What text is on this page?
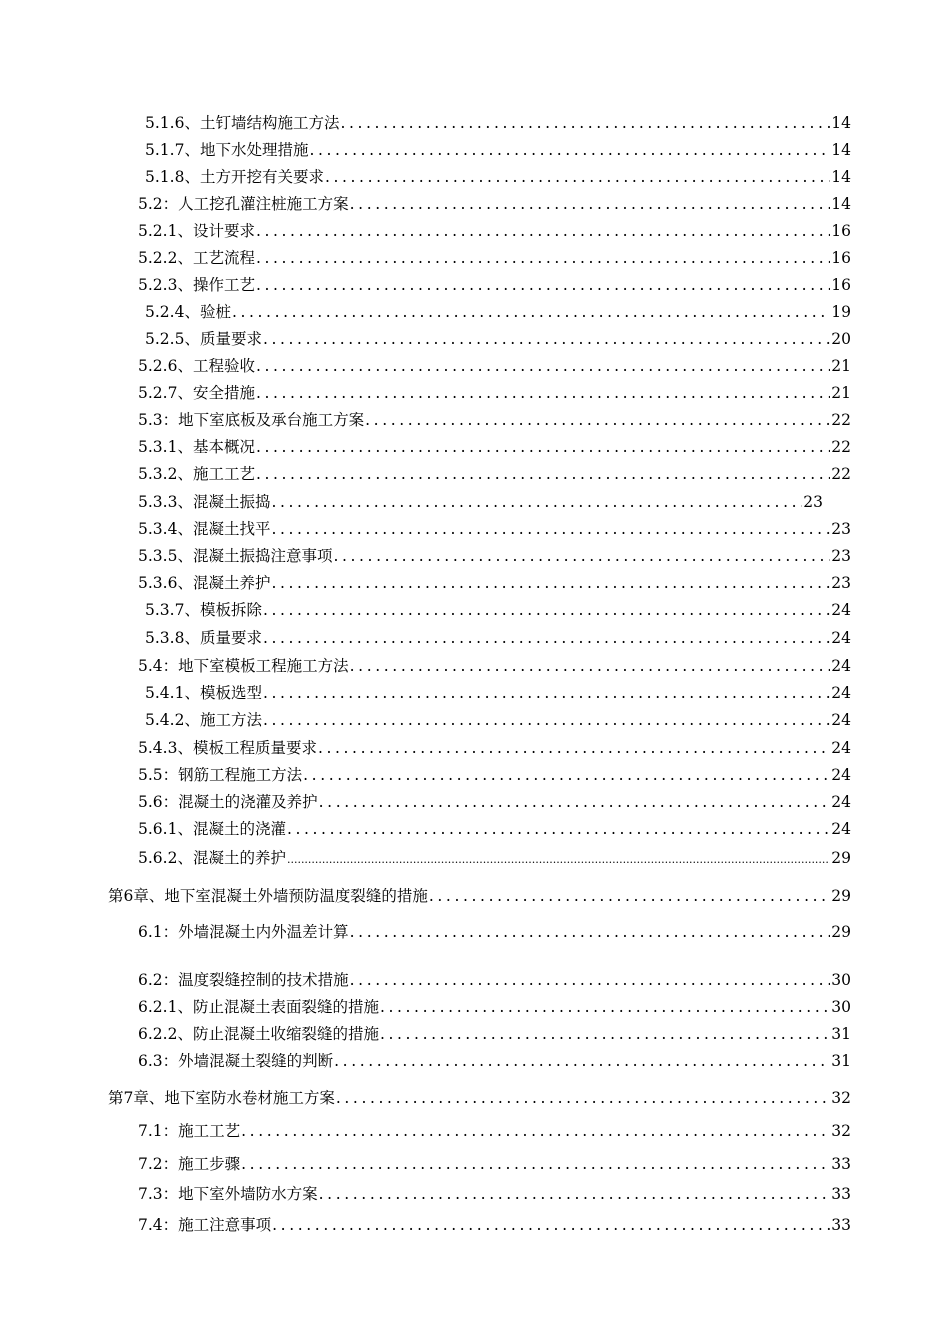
5.1.6、土钉墙结构施工方法 .....	14
5.1.7、地下水处理措施 .....	14
5.1.8、土方开挖有关要求 .....	14
5.2：人工挖孔灌注桩施工方案 .....	14
5.2.1、设计要求 .....	16
5.2.2、工艺流程 .....	16
5.2.3、操作工艺 .....	16
5.2.4、验桩 .....	19
5.2.5、质量要求 .....	20
5.2.6、工程验收 .....	21
5.2.7、安全措施 .....	21
5.3：地下室底板及承台施工方案 .....	22
5.3.1、基本概况 .....	22
5.3.2、施工工艺 .....	22
5.3.3、混凝土振捣 .....	23
5.3.4、混凝土找平 .....	23
5.3.5、混凝土振捣注意事项 .....	23
5.3.6、混凝土养护 .....	23
5.3.7、模板拆除 .....	24
5.3.8、质量要求 .....	24
5.4：地下室模板工程施工方法 .....	24
5.4.1、模板选型 .....	24
5.4.2、施工方法 .....	24
5.4.3、模板工程质量要求 .....	24
5.5：钢筋工程施工方法 .....	24
5.6：混凝土的浇灌及养护 .....	24
5.6.1、混凝土的浇灌 .....	24
5.6.2、混凝土的养护 .....	29
第6章、地下室混凝土外墙预防温度裂缝的措施 .....	29
6.1：外墙混凝土内外温差计算 .....	29
6.2：温度裂缝控制的技术措施 .....	30
6.2.1、防止混凝土表面裂缝的措施 .....	30
6.2.2、防止混凝土收缩裂缝的措施 .....	31
6.3：外墙混凝土裂缝的判断 .....	31
第7章、地下室防水卷材施工方案 .....	32
7.1：施工工艺 .....	32
7.2：施工步骤 .....	33
7.3：地下室外墙防水方案 .....	33
7.4：施工注意事项 .....	33
